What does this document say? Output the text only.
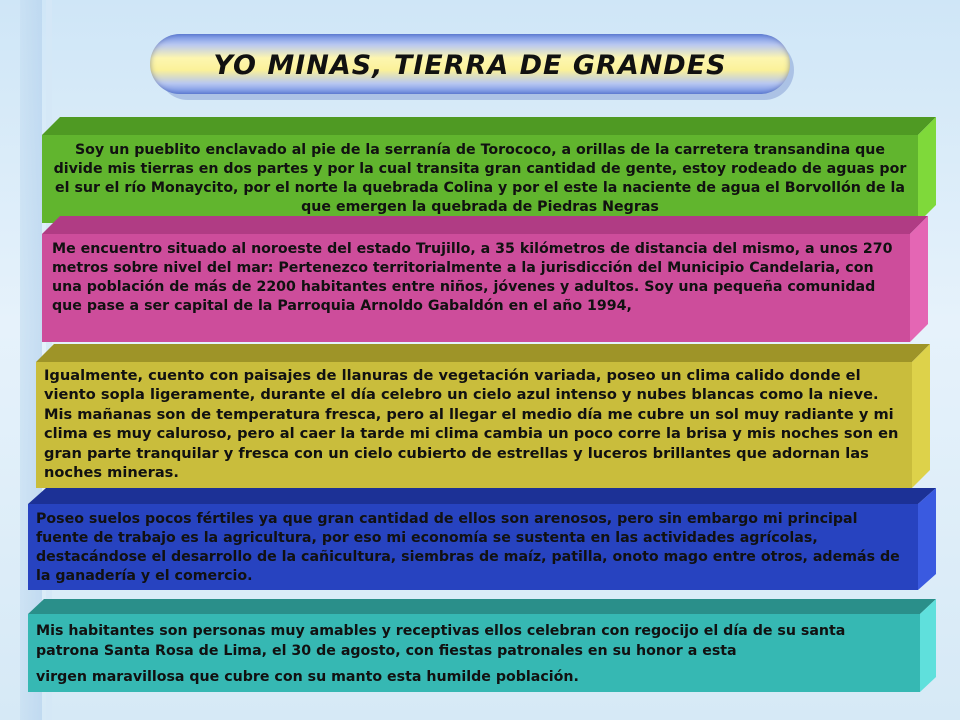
YO MINAS, TIERRA DE GRANDES

Soy un pueblito enclavado al pie de la serranía de Torococo, a orillas de la carretera transandina que divide mis tierras en dos partes y por la cual transita gran cantidad de gente, estoy rodeado de aguas por el sur el río Monaycito, por el norte la quebrada Colina y por el este la naciente de agua el Borvollón de la que emergen la quebrada de Piedras Negras

Me encuentro situado al noroeste del estado Trujillo, a 35 kilómetros de distancia del mismo, a unos 270 metros sobre nivel del mar: Pertenezco territorialmente a la jurisdicción del Municipio Candelaria, con una población de más de 2200 habitantes entre niños, jóvenes y adultos. Soy una pequeña comunidad que pase a ser capital de la Parroquia Arnoldo Gabaldón en el año 1994,

Igualmente, cuento con paisajes de llanuras de vegetación variada, poseo un clima calido donde el viento sopla ligeramente, durante el día celebro un cielo azul intenso y nubes blancas como la nieve. Mis mañanas son de temperatura fresca, pero al llegar el medio día me cubre un sol muy radiante y mi clima es muy caluroso, pero al caer la tarde mi clima cambia un poco corre la brisa y mis noches son en gran parte tranquilar y fresca con un cielo cubierto de estrellas y luceros brillantes que adornan las noches mineras.

Poseo suelos pocos fértiles ya que gran cantidad de ellos son arenosos, pero sin embargo mi principal fuente de trabajo es la agricultura, por eso mi economía se sustenta en las actividades agrícolas, destacándose el desarrollo de la cañicultura, siembras de maíz, patilla, onoto mago entre otros, además de la ganadería y el comercio.

Mis habitantes son personas muy amables y receptivas ellos celebran con regocijo el día de su santa patrona Santa Rosa de Lima, el 30 de agosto, con fiestas patronales en su honor a esta

virgen maravillosa que cubre con su manto esta humilde población.
